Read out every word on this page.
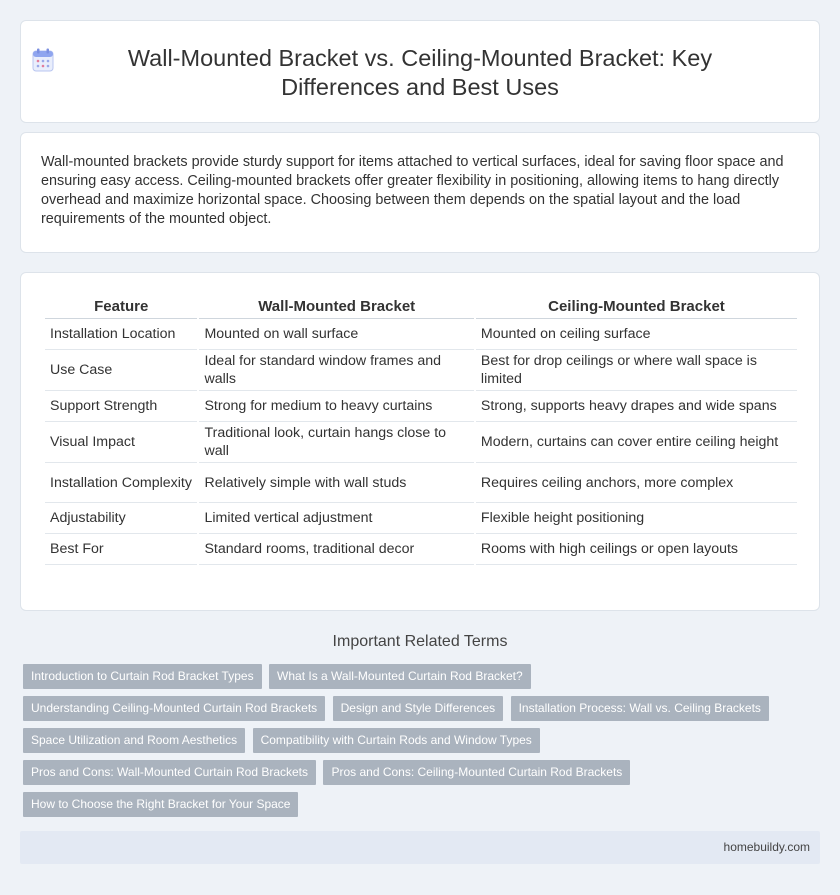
Wall-Mounted Bracket vs. Ceiling-Mounted Bracket: Key Differences and Best Uses

Wall-mounted brackets provide sturdy support for items attached to vertical surfaces, ideal for saving floor space and ensuring easy access. Ceiling-mounted brackets offer greater flexibility in positioning, allowing items to hang directly overhead and maximize horizontal space. Choosing between them depends on the spatial layout and the load requirements of the mounted object.

Feature	Wall-Mounted Bracket	Ceiling-Mounted Bracket
Installation Location	Mounted on wall surface	Mounted on ceiling surface
Use Case	Ideal for standard window frames and walls	Best for drop ceilings or where wall space is limited
Support Strength	Strong for medium to heavy curtains	Strong, supports heavy drapes and wide spans
Visual Impact	Traditional look, curtain hangs close to wall	Modern, curtains can cover entire ceiling height
Installation Complexity	Relatively simple with wall studs	Requires ceiling anchors, more complex
Adjustability	Limited vertical adjustment	Flexible height positioning
Best For	Standard rooms, traditional decor	Rooms with high ceilings or open layouts
Important Related Terms
Introduction to Curtain Rod Bracket Types What Is a Wall-Mounted Curtain Rod Bracket?
Understanding Ceiling-Mounted Curtain Rod Brackets Design and Style Differences Installation Process: Wall vs. Ceiling Brackets
Space Utilization and Room Aesthetics Compatibility with Curtain Rods and Window Types
Pros and Cons: Wall-Mounted Curtain Rod Brackets Pros and Cons: Ceiling-Mounted Curtain Rod Brackets
How to Choose the Right Bracket for Your Space
homebuildy.com
